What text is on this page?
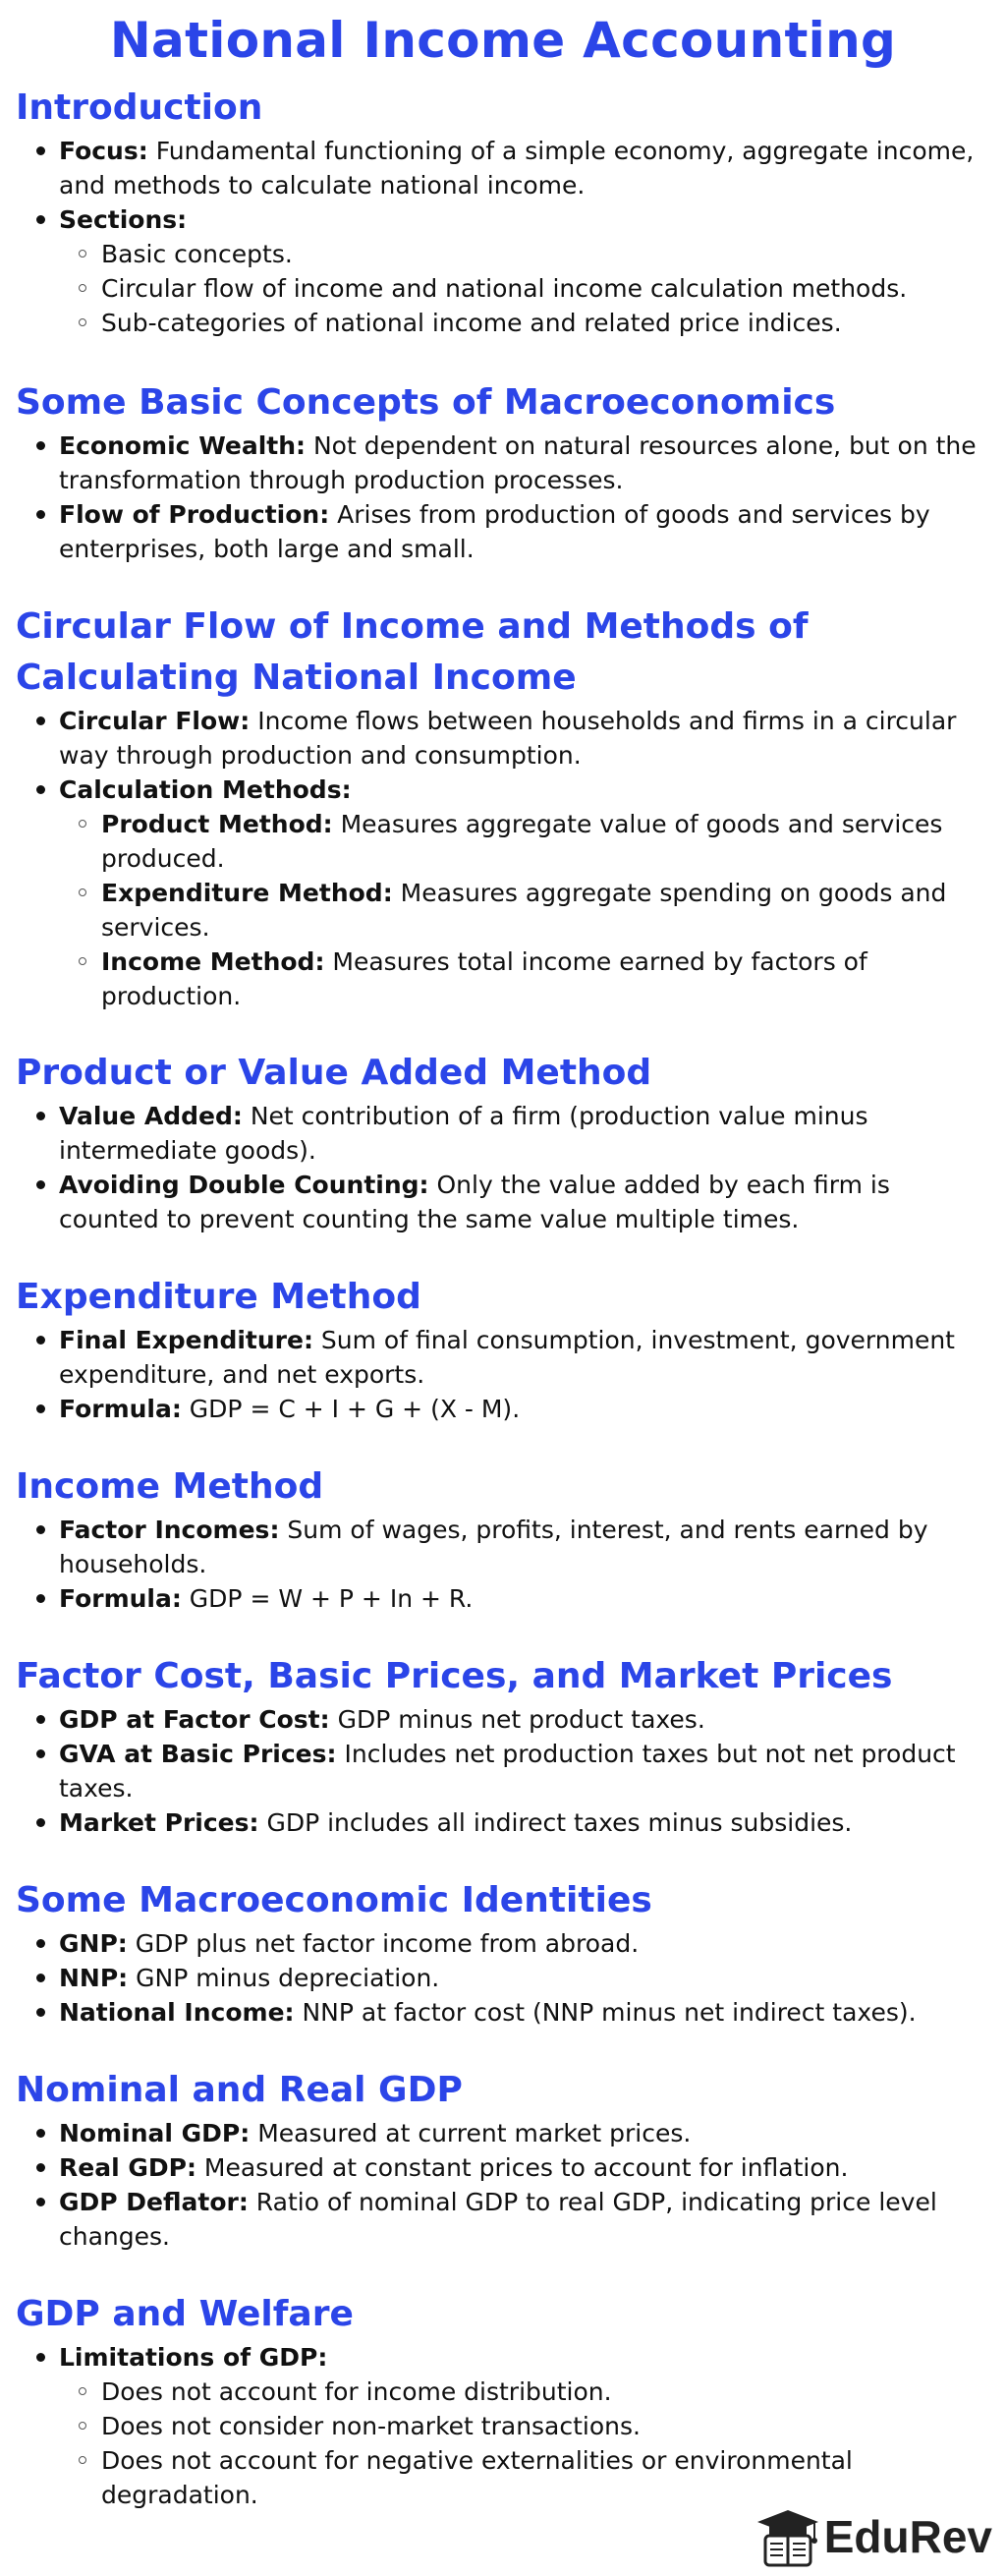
National Income Accounting
Introduction
Focus: Fundamental functioning of a simple economy, aggregate income, and methods to calculate national income.
Sections:
Basic concepts.
Circular flow of income and national income calculation methods.
Sub-categories of national income and related price indices.
Some Basic Concepts of Macroeconomics
Economic Wealth: Not dependent on natural resources alone, but on the transformation through production processes.
Flow of Production: Arises from production of goods and services by enterprises, both large and small.
Circular Flow of Income and Methods of Calculating National Income
Circular Flow: Income flows between households and firms in a circular way through production and consumption.
Calculation Methods:
Product Method: Measures aggregate value of goods and services produced.
Expenditure Method: Measures aggregate spending on goods and services.
Income Method: Measures total income earned by factors of production.
Product or Value Added Method
Value Added: Net contribution of a firm (production value minus intermediate goods).
Avoiding Double Counting: Only the value added by each firm is counted to prevent counting the same value multiple times.
Expenditure Method
Final Expenditure: Sum of final consumption, investment, government expenditure, and net exports.
Formula: GDP = C + I + G + (X - M).
Income Method
Factor Incomes: Sum of wages, profits, interest, and rents earned by households.
Formula: GDP = W + P + In + R.
Factor Cost, Basic Prices, and Market Prices
GDP at Factor Cost: GDP minus net product taxes.
GVA at Basic Prices: Includes net production taxes but not net product taxes.
Market Prices: GDP includes all indirect taxes minus subsidies.
Some Macroeconomic Identities
GNP: GDP plus net factor income from abroad.
NNP: GNP minus depreciation.
National Income: NNP at factor cost (NNP minus net indirect taxes).
Nominal and Real GDP
Nominal GDP: Measured at current market prices.
Real GDP: Measured at constant prices to account for inflation.
GDP Deflator: Ratio of nominal GDP to real GDP, indicating price level changes.
GDP and Welfare
Limitations of GDP:
Does not account for income distribution.
Does not consider non-market transactions.
Does not account for negative externalities or environmental degradation.
EduRev
